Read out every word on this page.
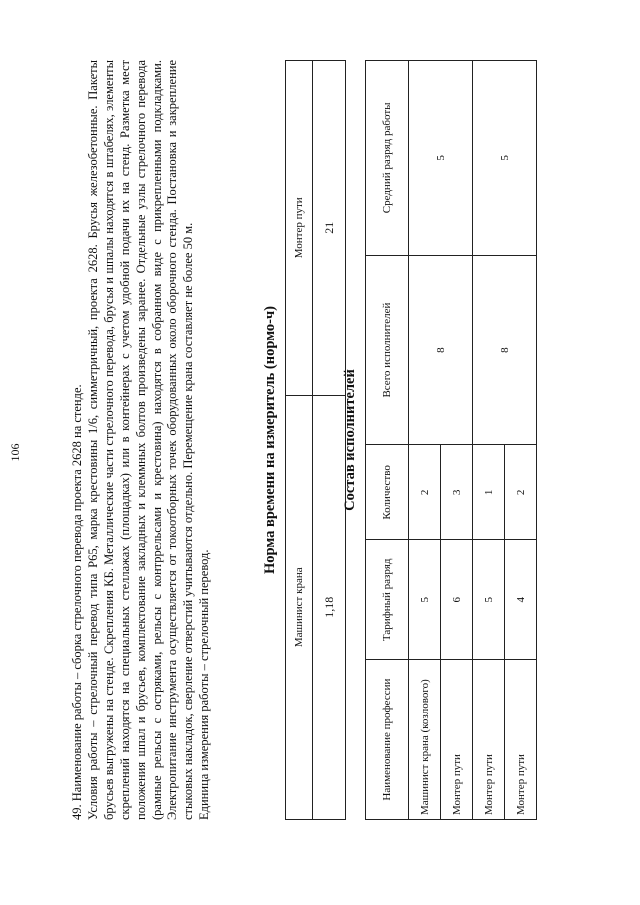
106	49. Наименование работы – сборка стрелочного перевода проекта 2628 на стенде. Условия работы – стрелочный перевод типа Р65, марка крестовины 1/6, симметричный, проекта 2628. Брусья железобетонные. Пакеты брусьев выгружены на стенде. Скрепления КБ. Металлические части стрелочного перевода, брусья и шпалы находятся в штабелях, элементы скреплений находятся на специальных стеллажах (площадках) или в контейнерах с учетом удобной подачи их на стенд. Разметка мест положения шпал и брусьев, комплектование закладных и клеммных болтов произведены заранее. Отдельные узлы стрелочного перевода (рамные рельсы с остряками, рельсы с контррельсами и крестовина) находятся в собранном виде с прикрепленными подкладками. Электропитание инструмента осуществляется от токоотборных точек оборудованных около оборочного стенда. Постановка и закрепление стыковых накладок, сверление отверстий учитываются отдельно. Перемещение крана составляет не более 50 м. Единица измерения работы – стрелочный перевод.

Норма времени на измеритель (нормо-ч)
Машинист крана	Монтер пути
1,18	21
Состав исполнителей
Наименование профессии	Тарифный разряд	Количество	Всего исполнителей	Средний разряд работы
Машинист крана (козлового)	5	2	8	5
Монтер пути	6	3		
Монтер пути	5	1	8	5
Монтер пути	4	2		
